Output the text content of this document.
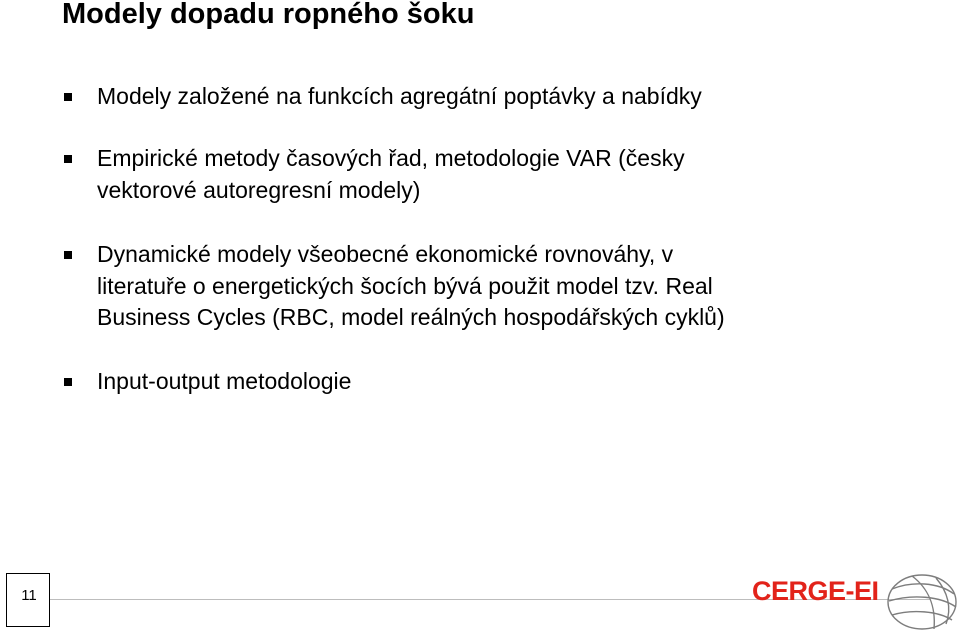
Modely dopadu ropného šoku
Modely založené na funkcích agregátní poptávky a nabídky
Empirické metody časových řad, metodologie VAR (česky
vektorové autoregresní modely)
Dynamické modely všeobecné ekonomické rovnováhy, v
literatuře o energetických šocích bývá použit model tzv. Real
Business Cycles (RBC, model reálných hospodářských cyklů)
Input-output metodologie
11	CERGE-EI
